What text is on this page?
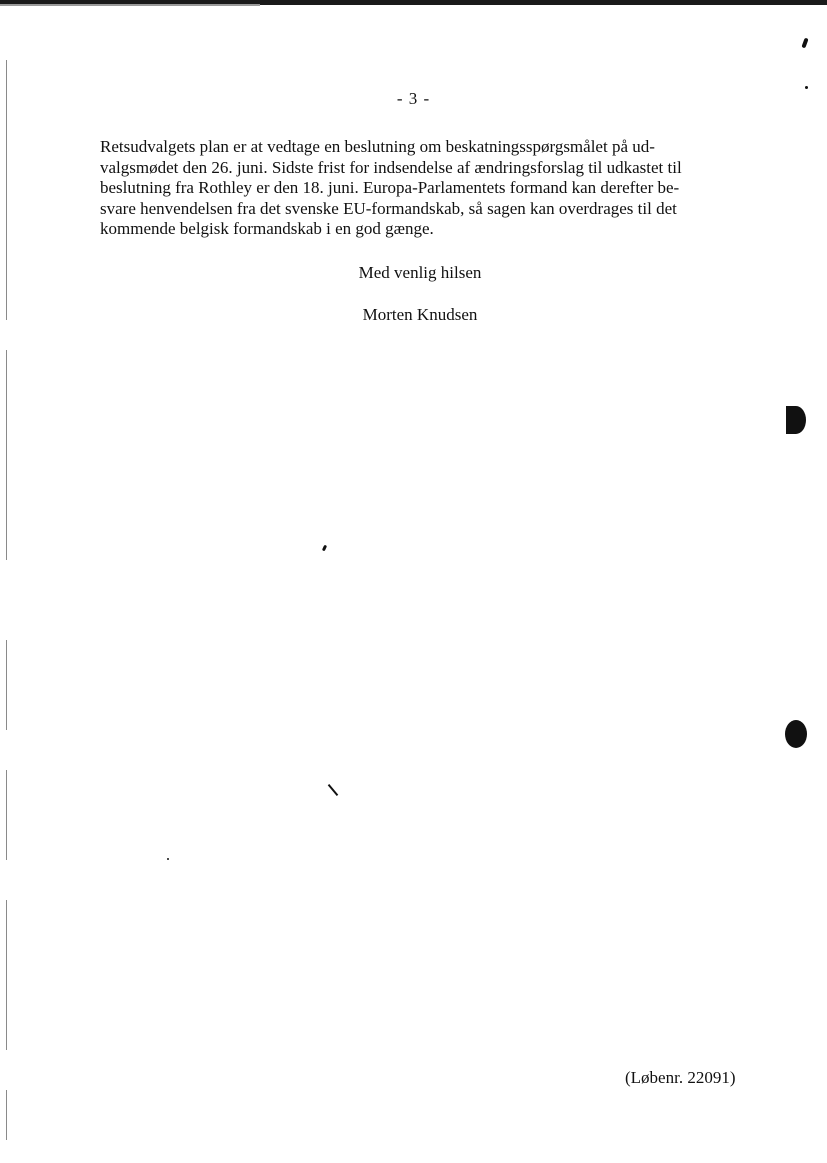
- 3 -
Retsudvalgets plan er at vedtage en beslutning om beskatningsspørgsmålet på ud-
valgsmødet den 26. juni. Sidste frist for indsendelse af ændringsforslag til udkastet til
beslutning fra Rothley er den 18. juni. Europa-Parlamentets formand kan derefter be-
svare henvendelsen fra det svenske EU-formandskab, så sagen kan overdrages til det
kommende belgisk formandskab i en god gænge.
Med venlig hilsen
Morten Knudsen
(Løbenr. 22091)
